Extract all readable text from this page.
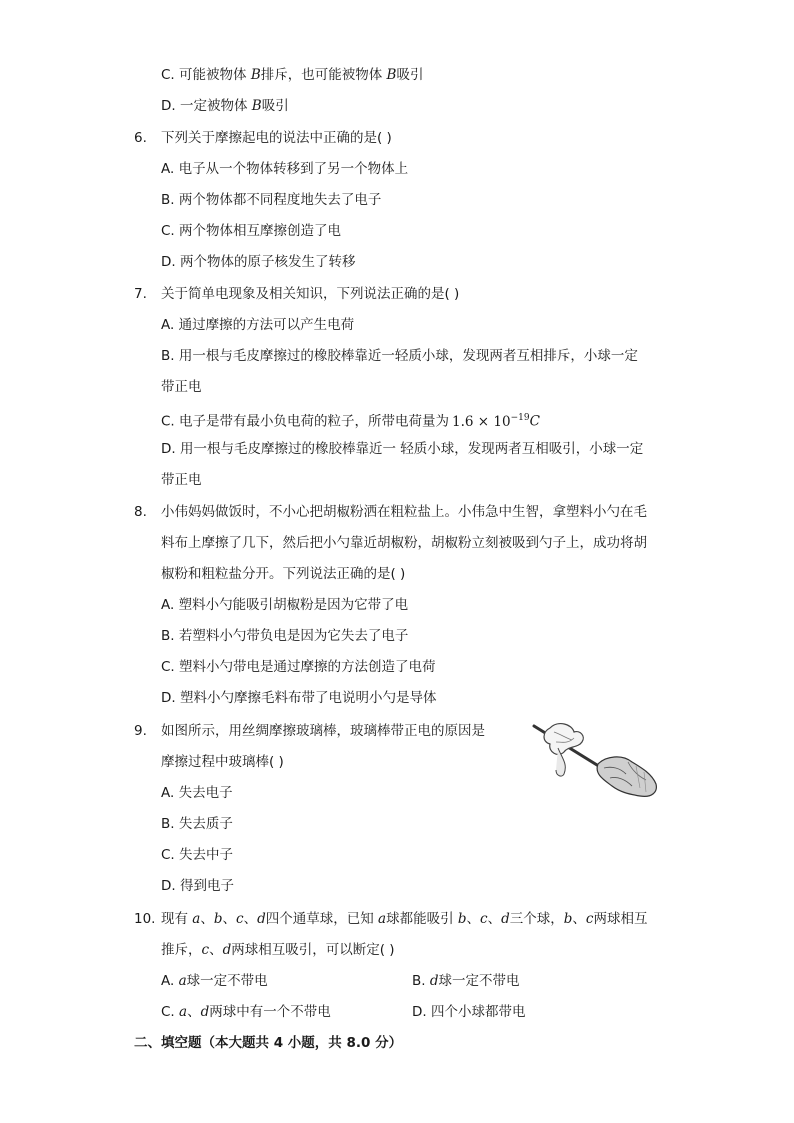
C. 可能被物体 B排斥，也可能被物体 B吸引
D. 一定被物体 B吸引
6. 下列关于摩擦起电的说法中正确的是( )
A. 电子从一个物体转移到了另一个物体上
B. 两个物体都不同程度地失去了电子
C. 两个物体相互摩擦创造了电
D. 两个物体的原子核发生了转移
7. 关于简单电现象及相关知识，下列说法正确的是( )
A. 通过摩擦的方法可以产生电荷
B. 用一根与毛皮摩擦过的橡胶棒靠近一轻质小球，发现两者互相排斥，小球一定
带正电
C. 电子是带有最小负电荷的粒子，所带电荷量为 $1.6 \times 10^{-19}C$
D. 用一根与毛皮摩擦过的橡胶棒靠近一 轻质小球，发现两者互相吸引，小球一定
带正电
8. 小伟妈妈做饭时，不小心把胡椒粉洒在粗粒盐上。小伟急中生智，拿塑料小勺在毛
料布上摩擦了几下，然后把小勺靠近胡椒粉，胡椒粉立刻被吸到勺子上，成功将胡
椒粉和粗粒盐分开。下列说法正确的是( )
A. 塑料小勺能吸引胡椒粉是因为它带了电
B. 若塑料小勺带负电是因为它失去了电子
C. 塑料小勺带电是通过摩擦的方法创造了电荷
D. 塑料小勺摩擦毛料布带了电说明小勺是导体
9. 如图所示，用丝绸摩擦玻璃棒，玻璃棒带正电的原因是
摩擦过程中玻璃棒( )
A. 失去电子
B. 失去质子
C. 失去中子
D. 得到电子
10. 现有 a、b、c、d四个通草球，已知 a球都能吸引 b、c、d三个球，b、c两球相互
推斥，c、d两球相互吸引，可以断定( )
A. a球一定不带电	B. d球一定不带电
C. a、d两球中有一个不带电	D. 四个小球都带电
二、填空题（本大题共 4 小题，共 8.0 分）
